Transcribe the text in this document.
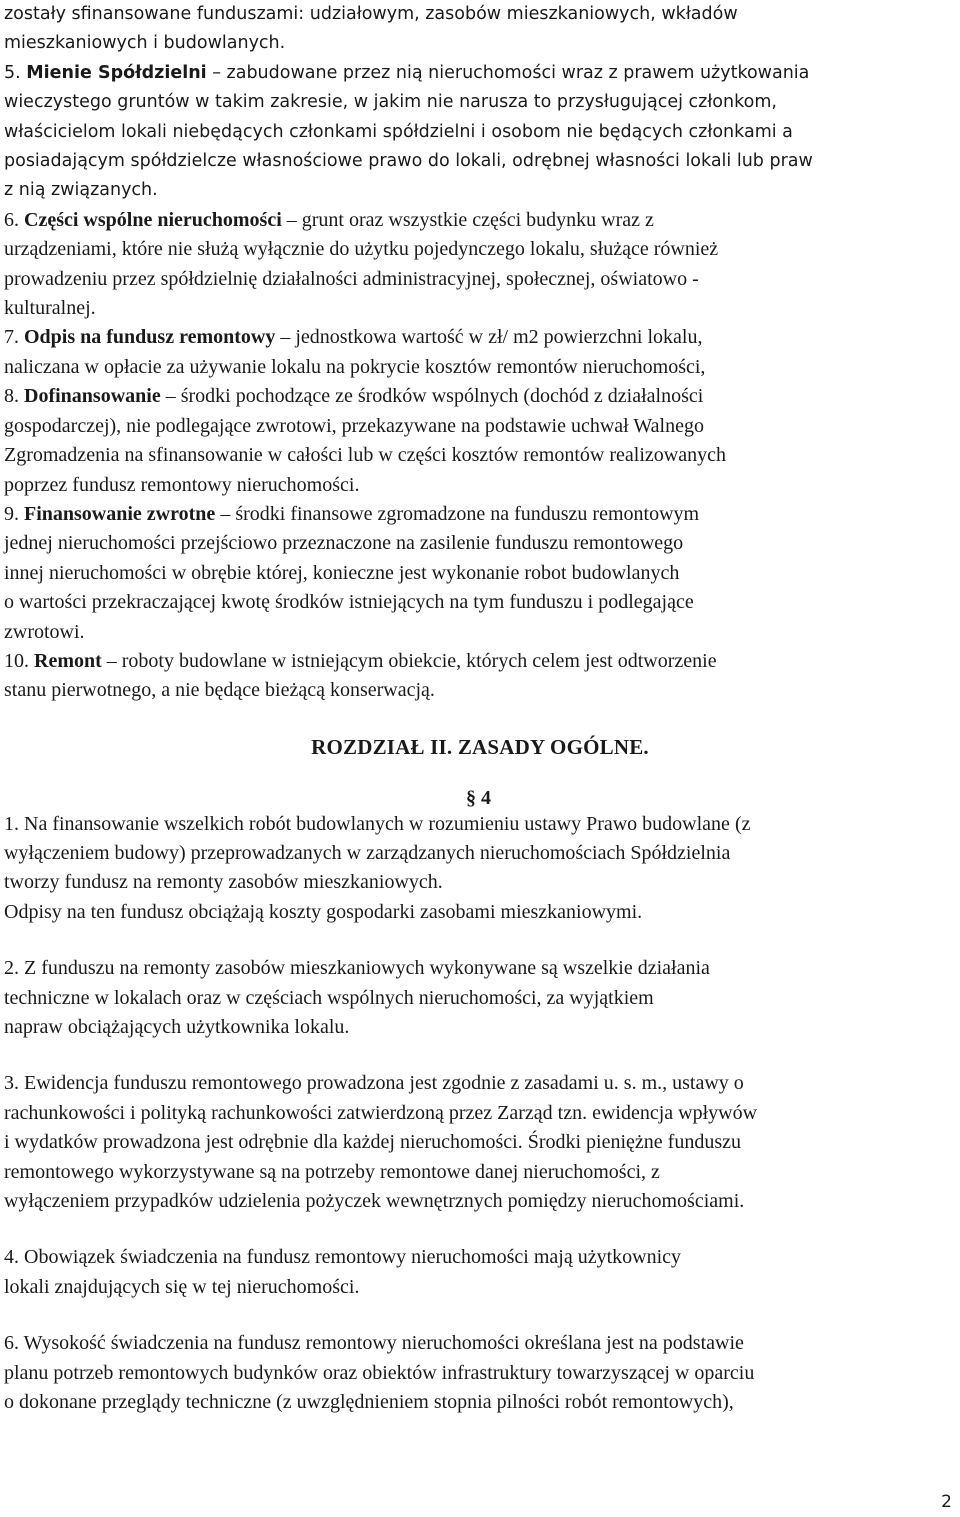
zostały sfinansowane funduszami: udziałowym, zasobów mieszkaniowych, wkładów
mieszkaniowych i budowlanych.
5. Mienie Spółdzielni – zabudowane przez nią nieruchomości wraz z prawem użytkowania
wieczystego gruntów w takim zakresie, w jakim nie narusza to przysługującej członkom,
właścicielom lokali niebędących członkami spółdzielni i osobom nie będących członkami a
posiadającym spółdzielcze własnościowe prawo do lokali, odrębnej własności lokali lub praw
z nią związanych.
6. Części wspólne nieruchomości – grunt oraz wszystkie części budynku wraz z
urządzeniami, które nie służą wyłącznie do użytku pojedynczego lokalu, służące również
prowadzeniu przez spółdzielnię działalności administracyjnej, społecznej, oświatowo -
kulturalnej.
7. Odpis na fundusz remontowy – jednostkowa wartość w zł/ m2 powierzchni lokalu,
naliczana w opłacie za używanie lokalu na pokrycie kosztów remontów nieruchomości,
8. Dofinansowanie – środki pochodzące ze środków wspólnych (dochód z działalności
gospodarczej), nie podlegające zwrotowi, przekazywane na podstawie uchwał Walnego
Zgromadzenia na sfinansowanie w całości lub w części kosztów remontów realizowanych
poprzez fundusz remontowy nieruchomości.
9. Finansowanie zwrotne – środki finansowe zgromadzone na funduszu remontowym
jednej nieruchomości przejściowo przeznaczone na zasilenie funduszu remontowego
innej nieruchomości w obrębie której, konieczne jest wykonanie robot budowlanych
o wartości przekraczającej kwotę środków istniejących na tym funduszu i podlegające
zwrotowi.
10. Remont – roboty budowlane w istniejącym obiekcie, których celem jest odtworzenie
stanu pierwotnego, a nie będące bieżącą konserwacją.
ROZDZIAŁ II. ZASADY OGÓLNE.
§ 4
1. Na finansowanie wszelkich robót budowlanych w rozumieniu ustawy Prawo budowlane (z
wyłączeniem budowy) przeprowadzanych w zarządzanych nieruchomościach Spółdzielnia
tworzy fundusz na remonty zasobów mieszkaniowych.
Odpisy na ten fundusz obciążają koszty gospodarki zasobami mieszkaniowymi.
2. Z funduszu na remonty zasobów mieszkaniowych wykonywane są wszelkie działania
techniczne w lokalach oraz w częściach wspólnych nieruchomości, za wyjątkiem
napraw obciążających użytkownika lokalu.
3. Ewidencja funduszu remontowego prowadzona jest zgodnie z zasadami u. s. m., ustawy o
rachunkowości i polityką rachunkowości zatwierdzoną przez Zarząd tzn. ewidencja wpływów
i wydatków prowadzona jest odrębnie dla każdej nieruchomości. Środki pieniężne funduszu
remontowego wykorzystywane są na potrzeby remontowe danej nieruchomości, z
wyłączeniem przypadków udzielenia pożyczek wewnętrznych pomiędzy nieruchomościami.
4. Obowiązek świadczenia na fundusz remontowy nieruchomości mają użytkownicy
lokali znajdujących się w tej nieruchomości.
6. Wysokość świadczenia na fundusz remontowy nieruchomości określana jest na podstawie
planu potrzeb remontowych budynków oraz obiektów infrastruktury towarzyszącej w oparciu
o dokonane przeglądy techniczne (z uwzględnieniem stopnia pilności robót remontowych),
2
